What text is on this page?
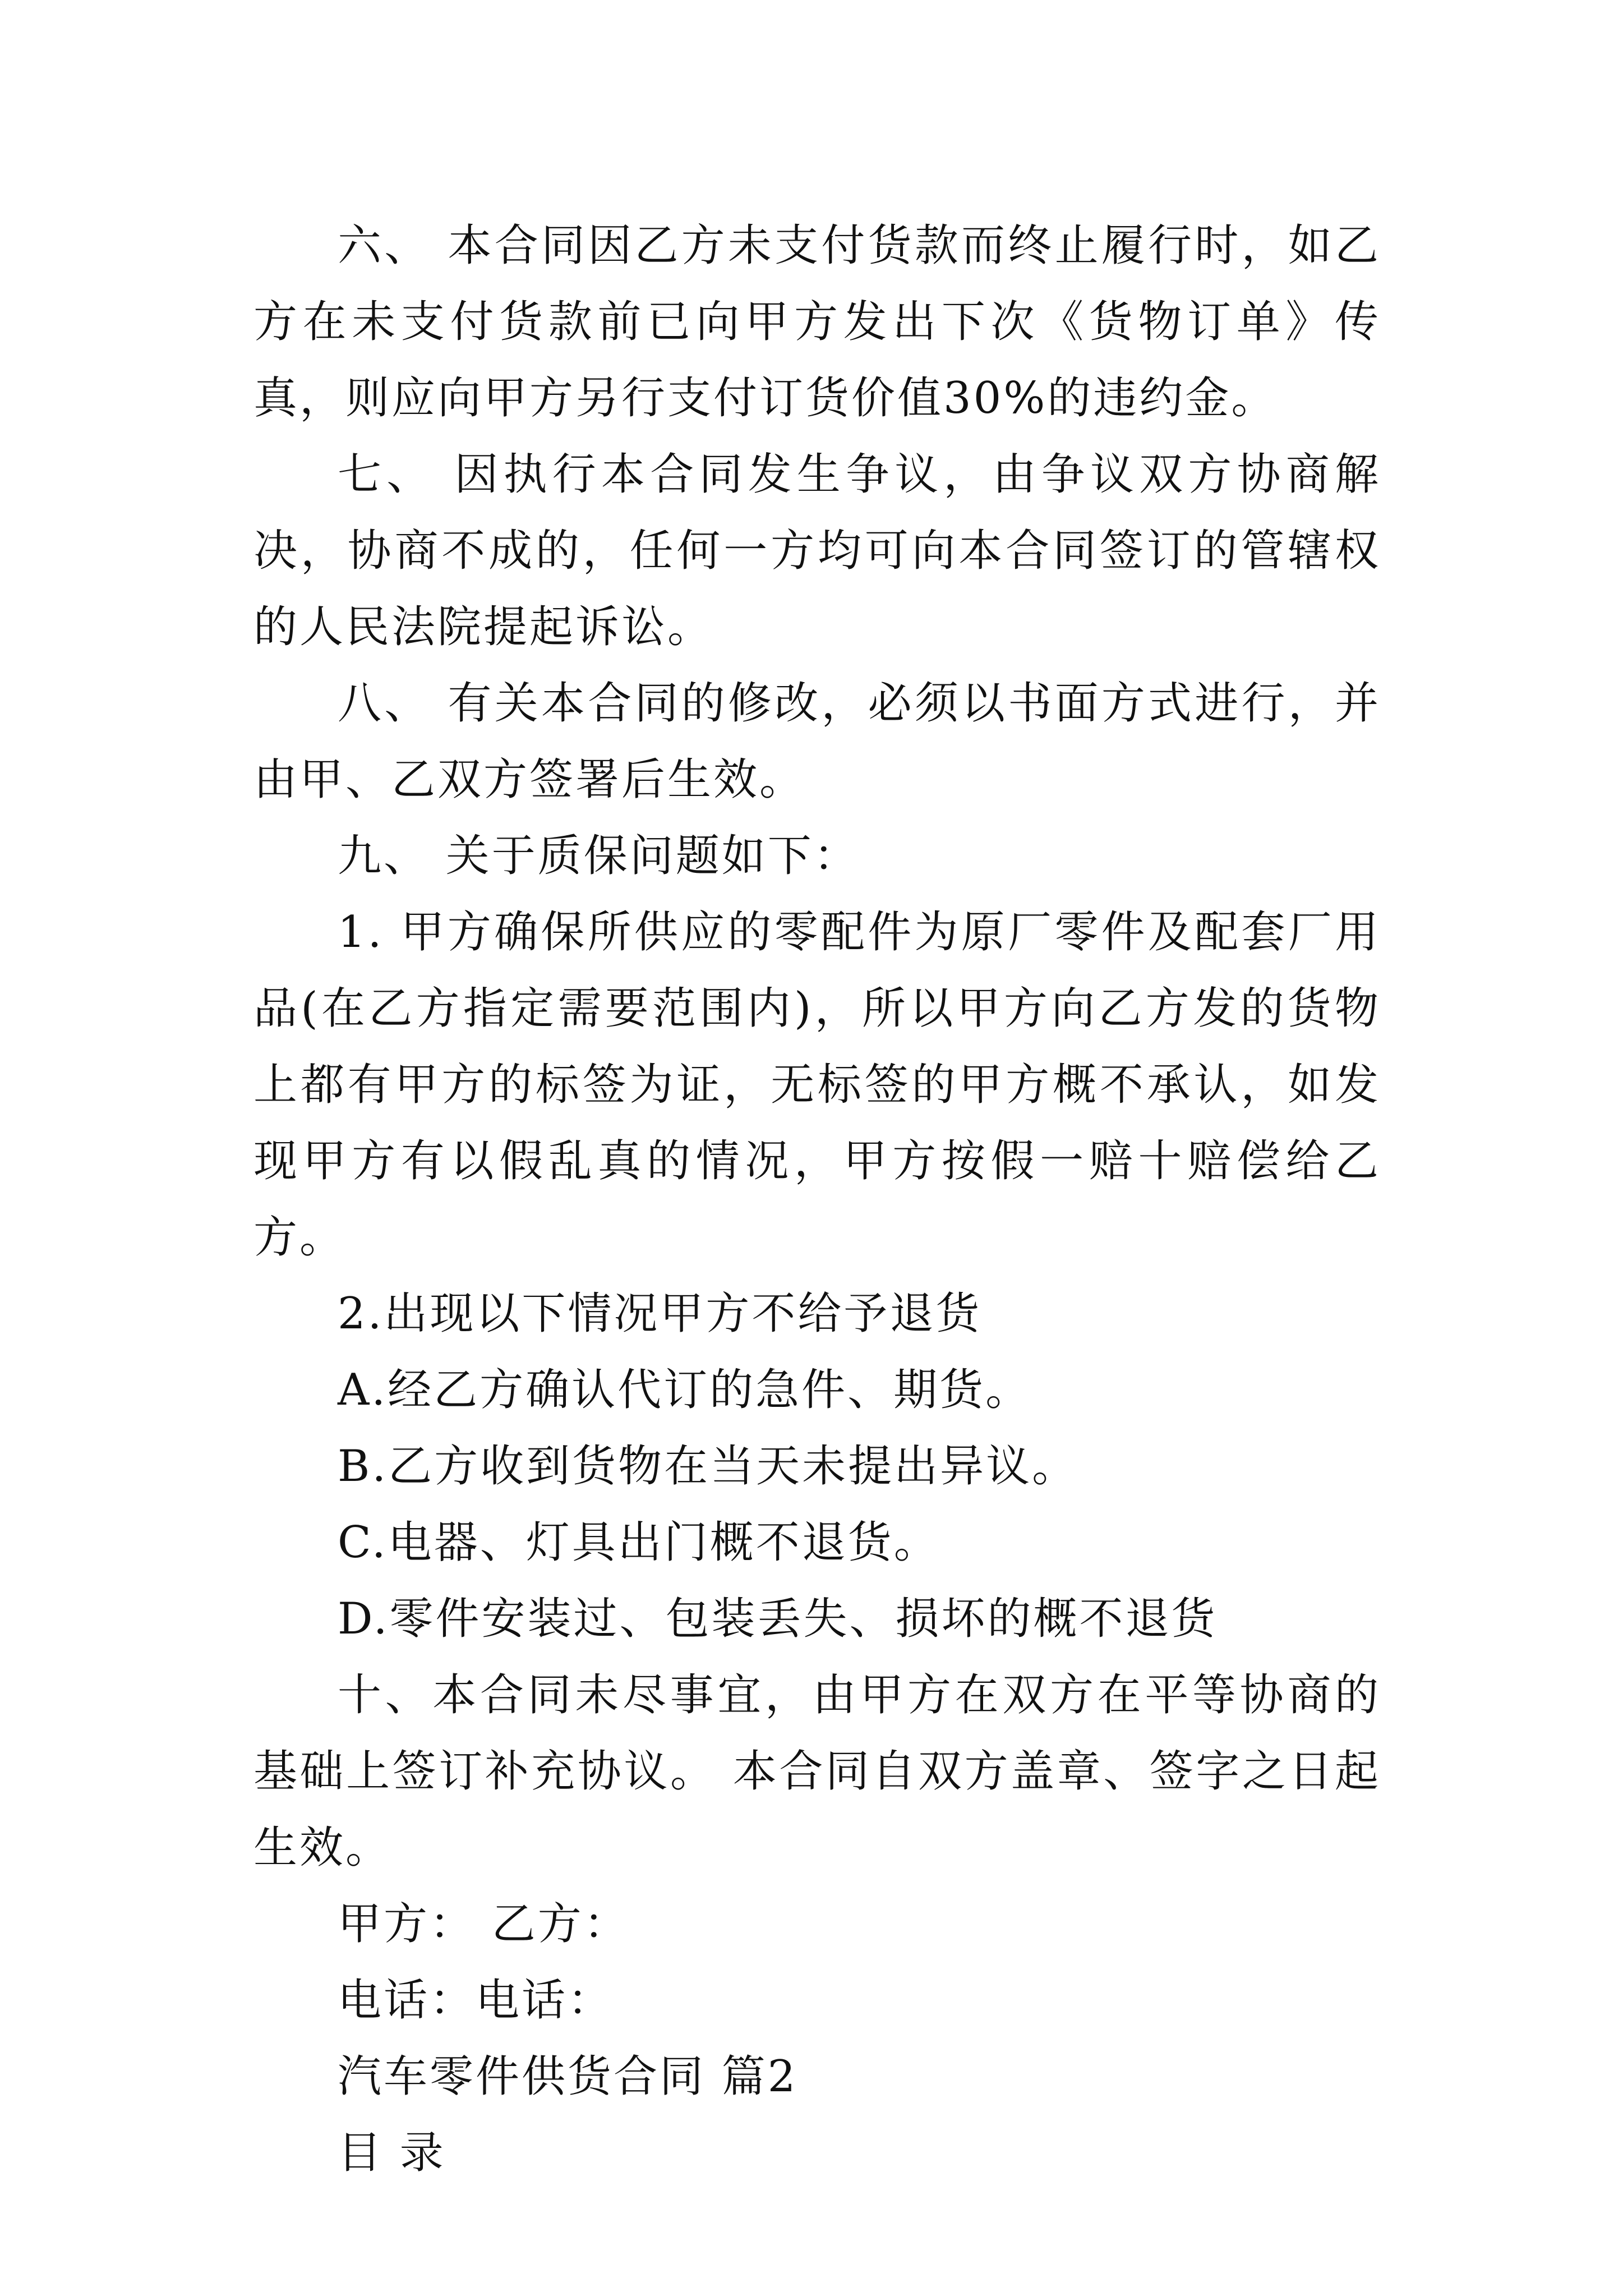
六、 本合同因乙方未支付货款而终止履行时，如乙方在未支付货款前已向甲方发出下次《货物订单》传真，则应向甲方另行支付订货价值30%的违约金。

七、 因执行本合同发生争议，由争议双方协商解决，协商不成的，任何一方均可向本合同签订的管辖权的人民法院提起诉讼。

八、 有关本合同的修改，必须以书面方式进行，并由甲、乙双方签署后生效。

九、 关于质保问题如下：

1. 甲方确保所供应的零配件为原厂零件及配套厂用品(在乙方指定需要范围内)，所以甲方向乙方发的货物上都有甲方的标签为证，无标签的甲方概不承认，如发现甲方有以假乱真的情况，甲方按假一赔十赔偿给乙方。

2.出现以下情况甲方不给予退货

A.经乙方确认代订的急件、期货。

B.乙方收到货物在当天未提出异议。

C.电器、灯具出门概不退货。

D.零件安装过、包装丢失、损坏的概不退货

十、本合同未尽事宜，由甲方在双方在平等协商的基础上签订补充协议。 本合同自双方盖章、签字之日起生效。

甲方： 乙方：

电话：电话：

汽车零件供货合同 篇2

目 录
